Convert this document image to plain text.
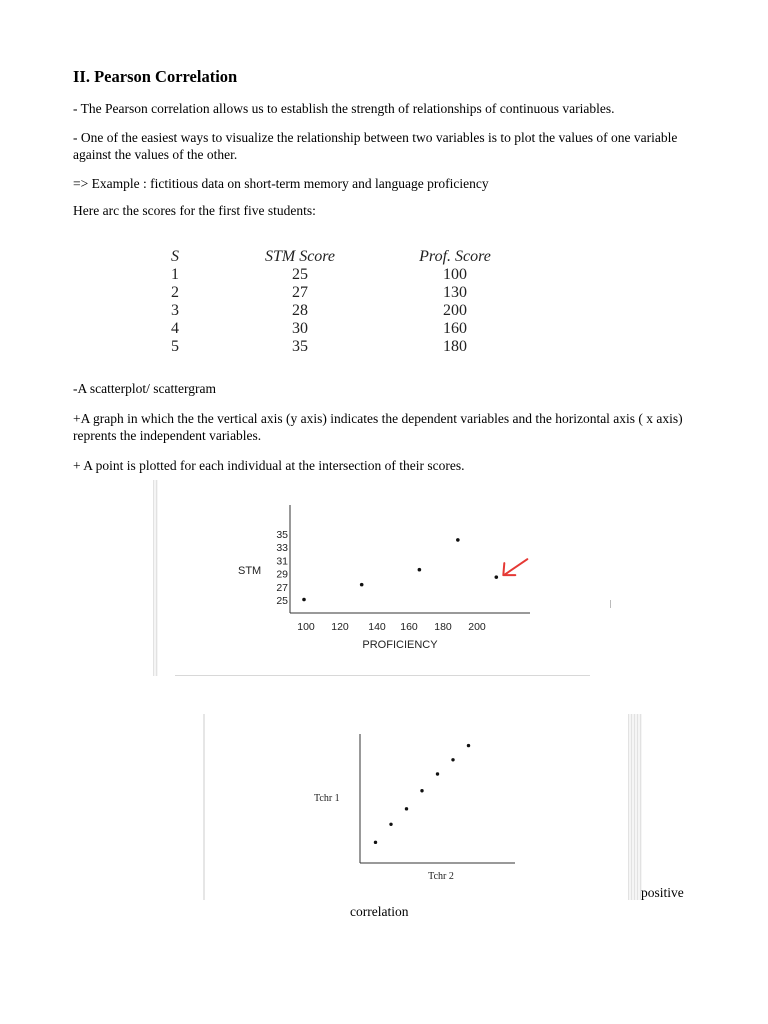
II. Pearson Correlation

- The Pearson correlation allows us to establish the strength of relationships of continuous variables.

- One of the easiest ways to visualize the relationship between two variables is to plot the values of one variable against the values of the other.

=> Example : fictitious data on short-term memory and language proficiency

Here arc the scores for the first five students:

S
1
2
3
4
5
STM Score
25
27
28
30
35
Prof. Score
100
130
200
160
180

-A scatterplot/ scattergram

+A graph in which the the vertical axis (y axis) indicates the dependent variables and the horizontal axis ( x axis) reprents the independent variables.

+ A point is plotted for each individual at the intersection of their scores.

35
33
31
29
27
25
100 120 140 160 180 200
STM
PROFICIENCY
Tchr 1
Tchr 2
positive
correlation
